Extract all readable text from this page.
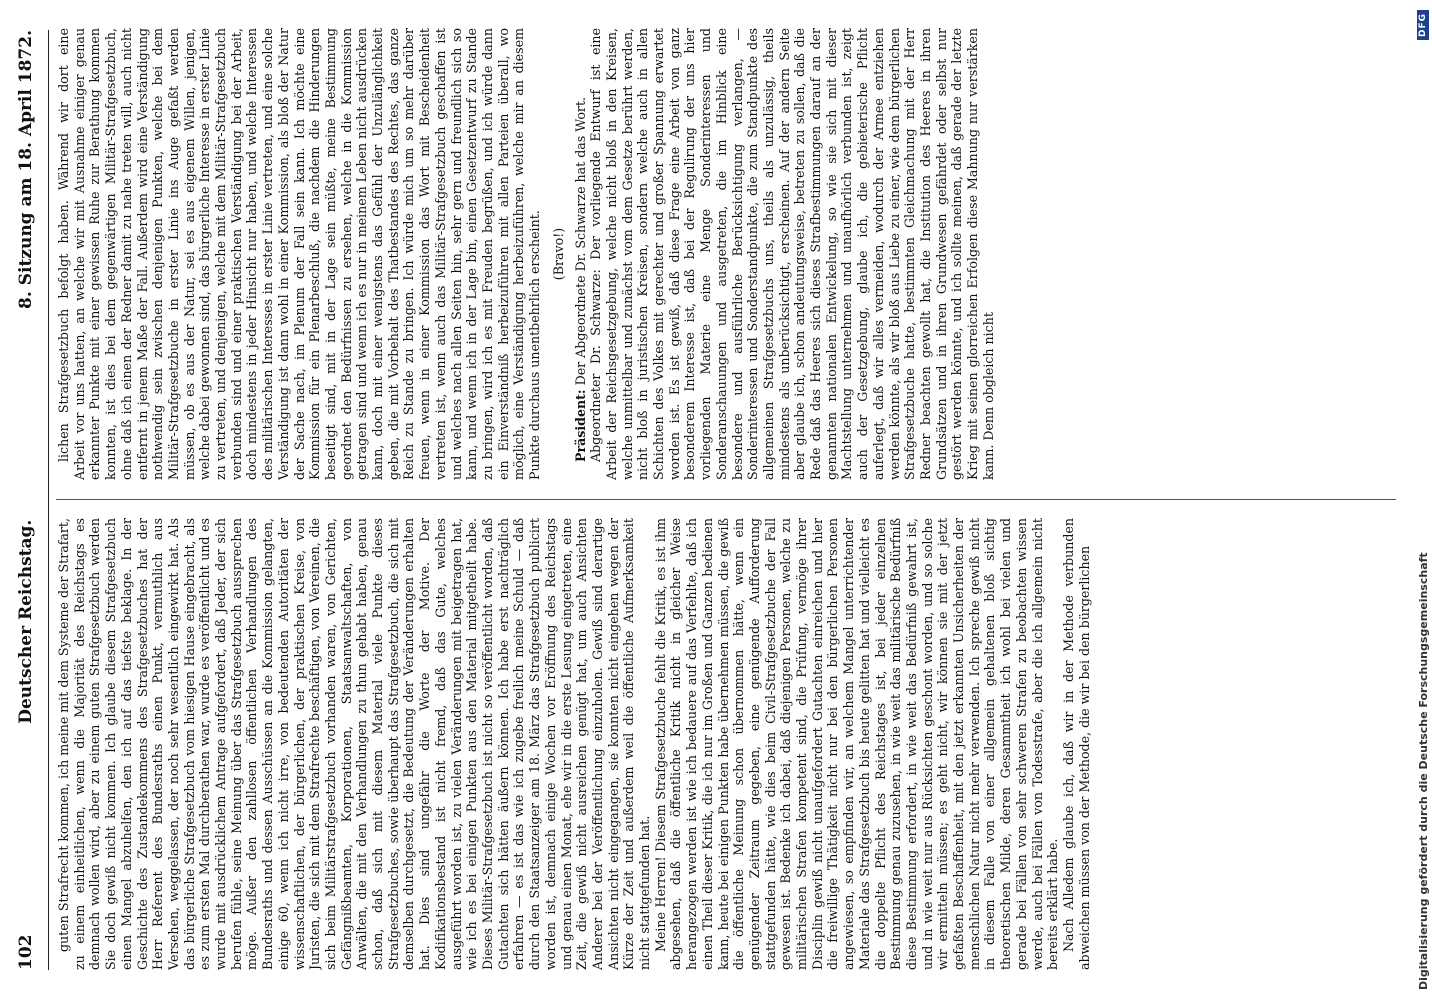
102
Deutscher Reichstag.
8. Sitzung am 18. April 1872.

guten Strafrecht kommen, ich meine mit dem Systeme der Strafart, zu einem einheitlichen, wenn die Majorität des Reichstags es demnach wollen wird, aber zu einem guten Strafgesetzbuch werden Sie doch gewiß nicht kommen. Ich glaube diesem Strafgesetzbuch einen Mangel abzuhelfen, den ich auf das tiefste beklage. In der Geschichte des Zustandekommens des Strafgesetzbuches hat der Herr Referent des Bundesraths einen Punkt, vermuthlich aus Versehen, weggelassen, der noch sehr wesentlich eingewirkt hat. Als das bürgerliche Strafgesetzbuch vom hiesigen Hause eingebracht, als es zum ersten Mal durchberathen war, wurde es veröffentlicht und es wurde mit ausdrücklichem Antrage aufgefordert, daß Jeder, der sich berufen fühle, seine Meinung über das Strafgesetzbuch aussprechen möge. Außer den zahllosen öffentlichen Verhandlungen des Bundesraths und dessen Ausschüssen an die Kommission gelangten, einige 60, wenn ich nicht irre, von bedeutenden Autoritäten der wissenschaftlichen, der bürgerlichen, der praktischen Kreise, von Juristen, die sich mit dem Strafrechte beschäftigen, von Vereinen, die sich beim Militärstrafgesetzbuch vorhanden waren, von Gerichten, Gefängnißbeamten, Korporationen, Staatsanwaltschaften, von Anwälten, die mit den Verhandlungen zu thun gehabt haben, genau schon, daß sich mit diesem Material viele Punkte dieses Strafgesetzbuches, sowie überhaupt das Strafgesetzbuch, die sich mit demselben durchgesetzt, die Bedeutung der Veränderungen erhalten hat. Dies sind ungefähr die Worte der Motive. Der Kodifikationsbestand ist nicht fremd, daß das Gute, welches ausgeführt worden ist, zu vielen Veränderungen mit beigetragen hat, wie ich es bei einigen Punkten aus den Material mitgetheilt habe. Dieses Militär-Strafgesetzbuch ist nicht so veröffentlicht worden, daß Gutachten sich hätten äußern können. Ich habe erst nachträglich erfahren — es ist das wie ich zugebe freilich meine Schuld — daß durch den Staatsanzeiger am 18. März das Strafgesetzbuch publicirt worden ist, demnach einige Wochen vor Eröffnung des Reichstags und genau einen Monat, ehe wir in die erste Lesung eingetreten, eine Zeit, die gewiß nicht ausreichen genügt hat, um auch Ansichten Anderer bei der Veröffentlichung einzuholen. Gewiß sind derartige Ansichten nicht eingegangen, sie konnten nicht eingehen wegen der Kürze der Zeit und außerdem weil die öffentliche Aufmerksamkeit nicht stattgefunden hat. Meine Herren! Diesem Strafgesetzbuche fehlt die Kritik, es ist ihm abgesehen, daß die öffentliche Kritik nicht in gleicher Weise herangezogen werden ist wie ich bedauere auf das Verfehlte, daß ich einen Theil dieser Kritik, die ich nur im Großen und Ganzen bedienen kann, heute bei einigen Punkten habe übernehmen müssen, die gewiß die öffentliche Meinung schon übernommen hätte, wenn ein genügender Zeitraum gegeben, eine genügende Aufforderung stattgefunden hätte, wie dies beim Civil-Strafgesetzbuche der Fall gewesen ist. Bedenke ich dabei, daß diejenigen Personen, welche zu militärischen Strafen kompetent sind, die Prüfung, vermöge ihrer Disciplin gewiß nicht unaufgefordert Gutachten einreichen und hier die freiwillige Thätigkeit nicht nur bei den bürgerlichen Personen angewiesen, so empfinden wir, an welchem Mangel unterrichtender Materiale das Strafgesetzbuch bis heute gelitten hat und vielleicht es die doppelte Pflicht des Reichstages ist, bei jeder einzelnen Bestimmung genau zuzusehen, in wie weit das militärische Bedürfniß diese Bestimmung erfordert, in wie weit das Bedürfniß gewahrt ist, und in wie weit nur aus Rücksichten geschont worden, und so solche wir ermitteln müssen; es geht nicht, wir können sie mit der jetzt gefaßten Beschaffenheit, mit den jetzt erkannten Unsicherheiten der menschlichen Natur nicht mehr verwenden. Ich spreche gewiß nicht in diesem Falle von einer allgemein gehaltenen bloß sichtig theoretischen Milde, deren Gesammtheit ich wohl bei vielen und gerade bei Fällen von sehr schweren Strafen zu beobachten wissen werde, auch bei Fällen von Todesstrafe, aber die ich allgemein nicht bereits erklärt habe. Nach Alledem glaube ich, daß wir in der Methode verbunden abweichen müssen von der Methode, die wir bei den bürgerlichen

lichen Strafgesetzbuch befolgt haben. Während wir dort eine Arbeit vor uns hatten, an welche wir mit Ausnahme einiger genau erkannter Punkte mit einer gewissen Ruhe zur Berathung kommen konnten, ist dies bei dem gegenwärtigen Militär-Strafgesetzbuch, ohne daß ich einen der Redner damit zu nahe treten will, auch nicht entfernt in jenem Maße der Fall. Außerdem wird eine Verständigung nothwendig sein zwischen denjenigen Punkten, welche bei dem Militär-Strafgesetzbuche in erster Linie ins Auge gefaßt werden müssen, ob es aus der Natur, sei es aus eigenem Willen, jenigen, welche dabei gewonnen sind, das bürgerliche Interesse in erster Linie zu vertreten, und denjenigen, welche mit dem Militär-Strafgesetzbuch verbunden sind und einer praktischen Verständigung bei der Arbeit, doch mindestens in jeder Hinsicht nur haben, und welche Interessen des militärischen Interesses in erster Linie vertreten, und eine solche Verständigung ist dann wohl in einer Kommission, als bloß der Natur der Sache nach, im Plenum der Fall sein kann. Ich möchte eine Kommission für ein Plenarbeschluß, die nachdem die Hinderungen beseitigt sind, mit in der Lage sein müßte, meine Bestimmung geordnet den Bedürfnissen zu ersehen, welche in die Kommission getragen sind und wenn ich es nur in meinem Leben nicht ausdrücken kann, doch mit einer wenigstens das Gefühl der Unzulänglichkeit geben, die mit Vorbehalt des Thatbestandes des Rechtes, das ganze Reich zu Stande zu bringen. Ich würde mich um so mehr darüber freuen, wenn in einer Kommission das Wort mit Bescheidenheit vertreten ist, wenn auch das Militär-Strafgesetzbuch geschaffen ist und welches nach allen Seiten hin, sehr gern und freundlich sich so kann, und wenn ich in der Lage bin, einen Gesetzentwurf zu Stande zu bringen, wird ich es mit Freuden begrüßen, und ich würde dann ein Einverständniß herbeizuführen mit allen Parteien überall, wo möglich, eine Verständigung herbeizuführen, welche mir an diesem Punkte durchaus unentbehrlich erscheint. (Bravo!)

Präsident: Der Abgeordnete Dr. Schwarze hat das Wort. Abgeordneter Dr. Schwarze: Der vorliegende Entwurf ist eine Arbeit der Reichsgesetzgebung, welche nicht bloß in den Kreisen, welche unmittelbar und zunächst vom dem Gesetze berührt werden, nicht bloß in juristischen Kreisen, sondern welche auch in allen Schichten des Volkes mit gerechter und großer Spannung erwartet worden ist. Es ist gewiß, daß diese Frage eine Arbeit von ganz besonderem Interesse ist, daß bei der Regulirung der uns hier vorliegenden Materie eine Menge Sonderinteressen und Sonderanschauungen und ausgetreten, die im Hinblick eine besondere und ausführliche Berücksichtigung verlangen, — Sonderinteressen und Sonderstandpunkte, die zum Standpunkte des allgemeinen Strafgesetzbuchs uns, theils als unzulässig, theils mindestens als unberücksichtigt, erscheinen. Auf der andern Seite aber glaube ich, schon andeutungsweise, betreten zu sollen, daß die Rede daß das Heeres sich dieses Strafbestimmungen darauf an der genannten nationalen Entwickelung, so wie sie sich mit dieser Machtstellung unternehmen und unaufhörlich verbunden ist, zeigt auch der Gesetzgebung, glaube ich, die gebieterische Pflicht auferlegt, daß wir alles vermeiden, wodurch der Armee entziehen werden könnte, als wir bloß aus Liebe zu einer, wie dem bürgerlichen Strafgesetzbuche hatte, bestimmten Gleichmachung mit der Herr Redner beachten gewollt hat, die Institution des Heeres in ihren Grundsätzen und in ihren Grundwesen gefährdet oder selbst nur gestört werden könnte, und ich sollte meinen, daß gerade der letzte Krieg mit seinen glorreichen Erfolgen diese Mahnung nur verstärken kann. Denn obgleich nicht

Digitalisierung gefördert durch die Deutsche Forschungsgemeinschaft
DFG
